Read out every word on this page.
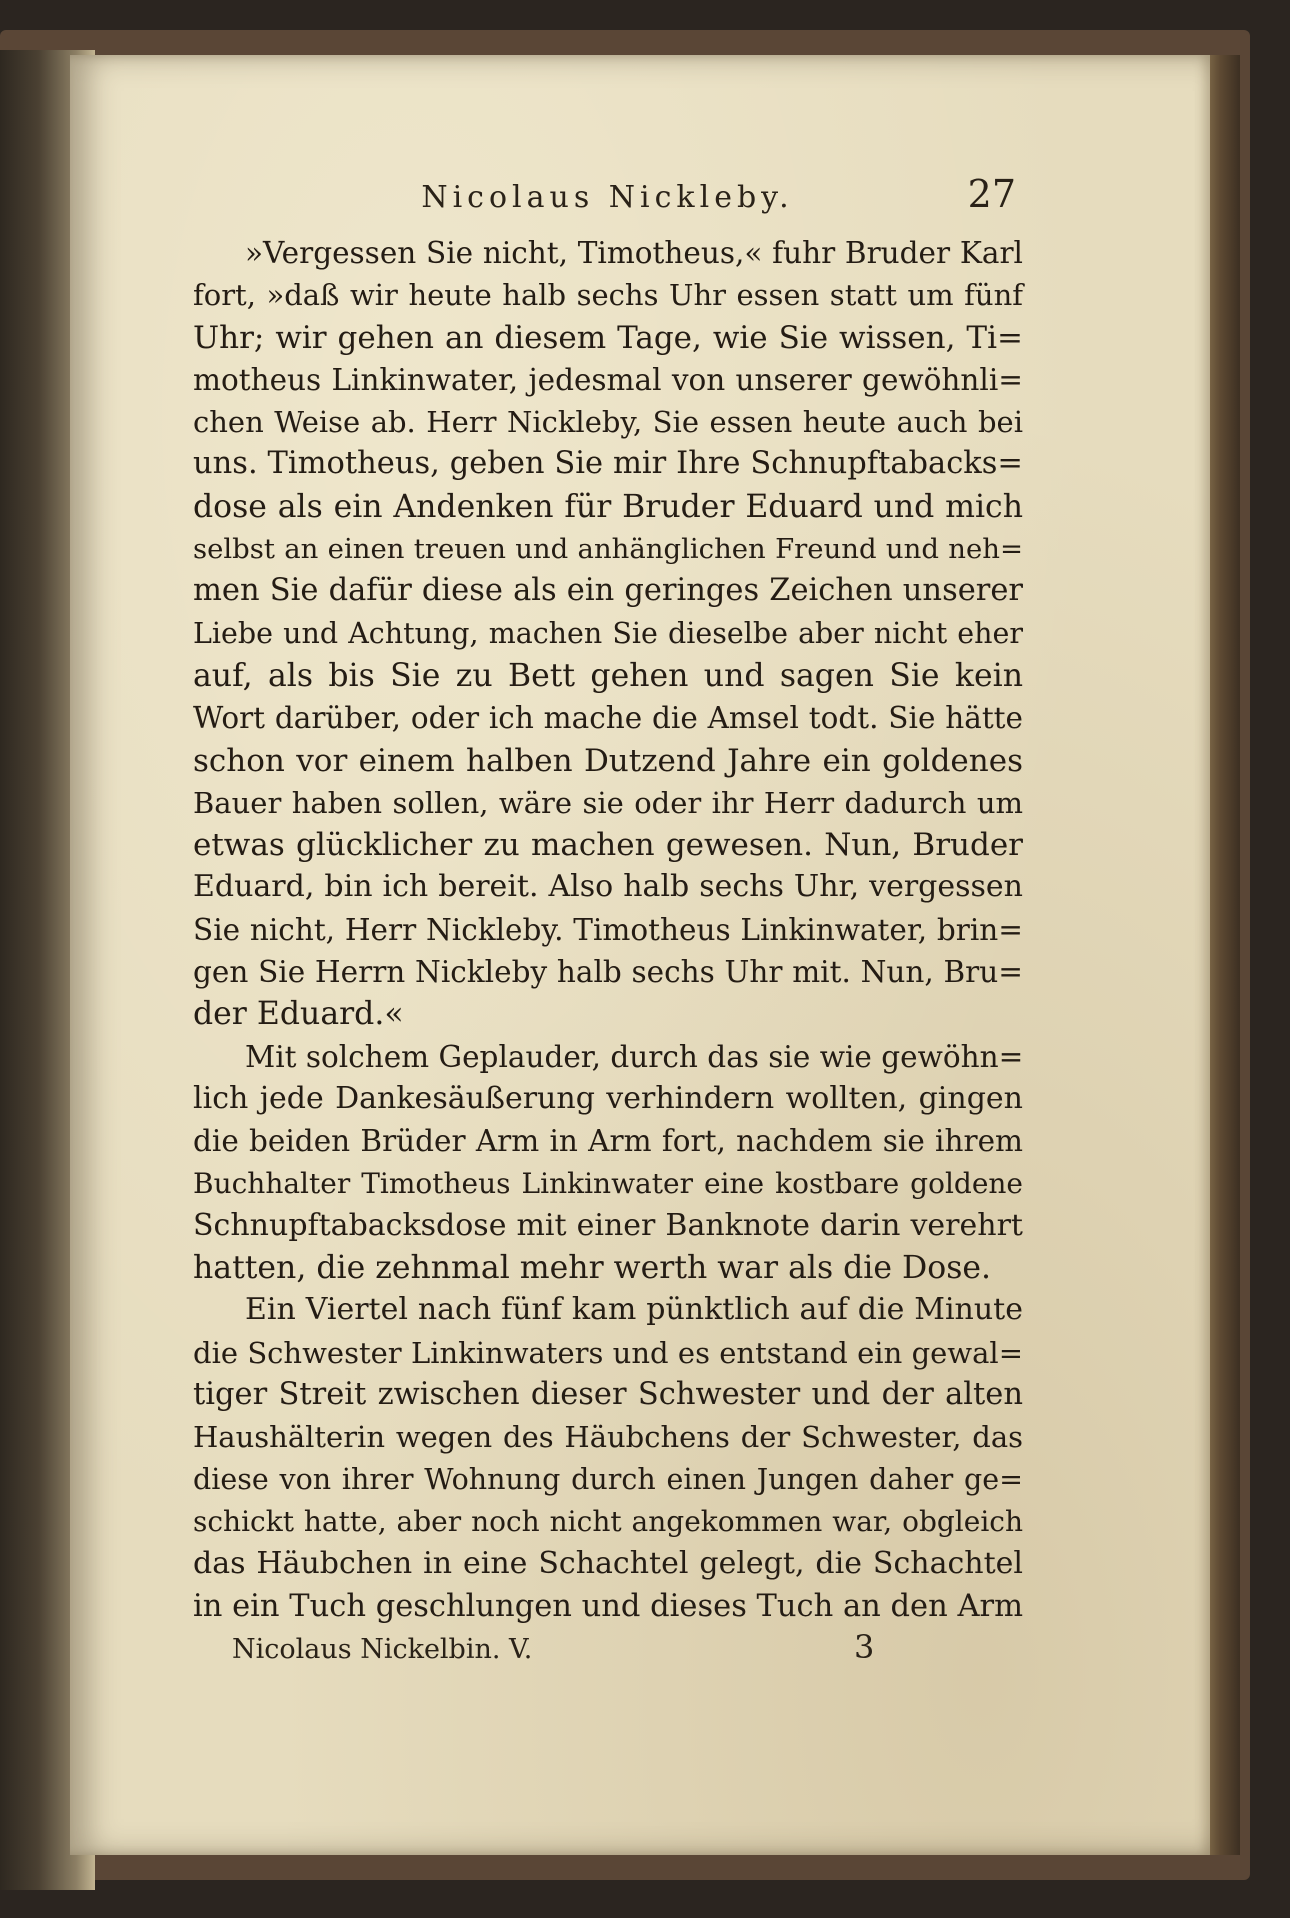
Nicolaus Nickleby.	27
»Vergessen Sie nicht, Timotheus,« fuhr Bruder Karl
fort, »daß wir heute halb sechs Uhr essen statt um fünf
Uhr; wir gehen an diesem Tage, wie Sie wissen, Ti=
motheus Linkinwater, jedesmal von unserer gewöhnli=
chen Weise ab. Herr Nickleby, Sie essen heute auch bei
uns. Timotheus, geben Sie mir Ihre Schnupftabacks=
dose als ein Andenken für Bruder Eduard und mich
selbst an einen treuen und anhänglichen Freund und neh=
men Sie dafür diese als ein geringes Zeichen unserer
Liebe und Achtung, machen Sie dieselbe aber nicht eher
auf, als bis Sie zu Bett gehen und sagen Sie kein
Wort darüber, oder ich mache die Amsel todt. Sie hätte
schon vor einem halben Dutzend Jahre ein goldenes
Bauer haben sollen, wäre sie oder ihr Herr dadurch um
etwas glücklicher zu machen gewesen. Nun, Bruder
Eduard, bin ich bereit. Also halb sechs Uhr, vergessen
Sie nicht, Herr Nickleby. Timotheus Linkinwater, brin=
gen Sie Herrn Nickleby halb sechs Uhr mit. Nun, Bru=
der Eduard.«
Mit solchem Geplauder, durch das sie wie gewöhn=
lich jede Dankesäußerung verhindern wollten, gingen
die beiden Brüder Arm in Arm fort, nachdem sie ihrem
Buchhalter Timotheus Linkinwater eine kostbare goldene
Schnupftabacksdose mit einer Banknote darin verehrt
hatten, die zehnmal mehr werth war als die Dose.
Ein Viertel nach fünf kam pünktlich auf die Minute
die Schwester Linkinwaters und es entstand ein gewal=
tiger Streit zwischen dieser Schwester und der alten
Haushälterin wegen des Häubchens der Schwester, das
diese von ihrer Wohnung durch einen Jungen daher ge=
schickt hatte, aber noch nicht angekommen war, obgleich
das Häubchen in eine Schachtel gelegt, die Schachtel
in ein Tuch geschlungen und dieses Tuch an den Arm
Nicolaus Nickelbin. V.	3
